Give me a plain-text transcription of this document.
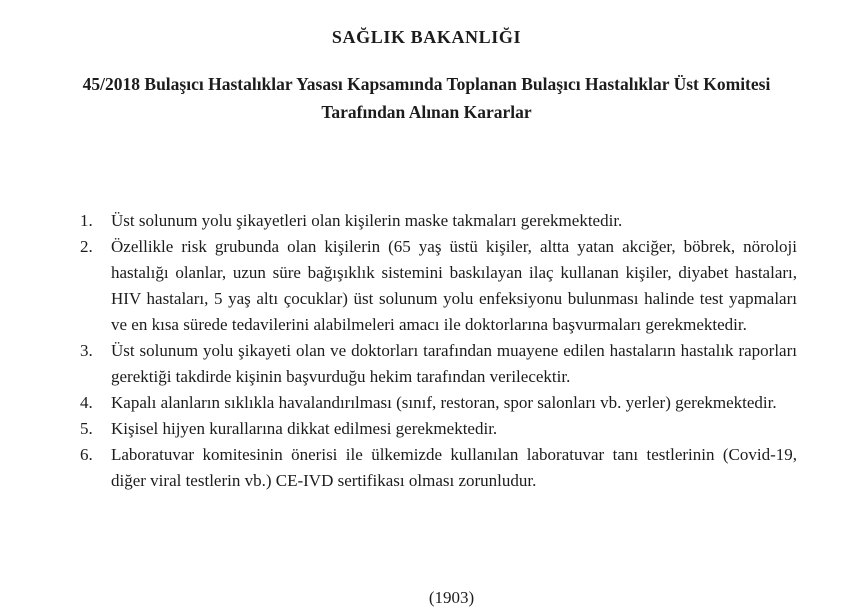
SAĞLIK BAKANLIĞI
45/2018 Bulaşıcı Hastalıklar Yasası Kapsamında Toplanan Bulaşıcı Hastalıklar Üst Komitesi Tarafından Alınan Kararlar
1.	Üst solunum yolu şikayetleri olan kişilerin maske takmaları gerekmektedir.
2.	Özellikle risk grubunda olan kişilerin (65 yaş üstü kişiler, altta yatan akciğer, böbrek, nöroloji hastalığı olanlar, uzun süre bağışıklık sistemini baskılayan ilaç kullanan kişiler, diyabet hastaları, HIV hastaları, 5 yaş altı çocuklar) üst solunum yolu enfeksiyonu bulunması halinde test yapmaları ve en kısa sürede tedavilerini alabilmeleri amacı ile doktorlarına başvurmaları gerekmektedir.
3.	Üst solunum yolu şikayeti olan ve doktorları tarafından muayene edilen hastaların hastalık raporları gerektiği takdirde kişinin başvurduğu hekim tarafından verilecektir.
4.	Kapalı alanların sıklıkla havalandırılması (sınıf, restoran, spor salonları vb. yerler) gerekmektedir.
5.	Kişisel hijyen kurallarına dikkat edilmesi gerekmektedir.
6.	Laboratuvar komitesinin önerisi ile ülkemizde kullanılan laboratuvar tanı testlerinin (Covid-19, diğer viral testlerin vb.) CE-IVD sertifikası olması zorunludur.
(1903)
